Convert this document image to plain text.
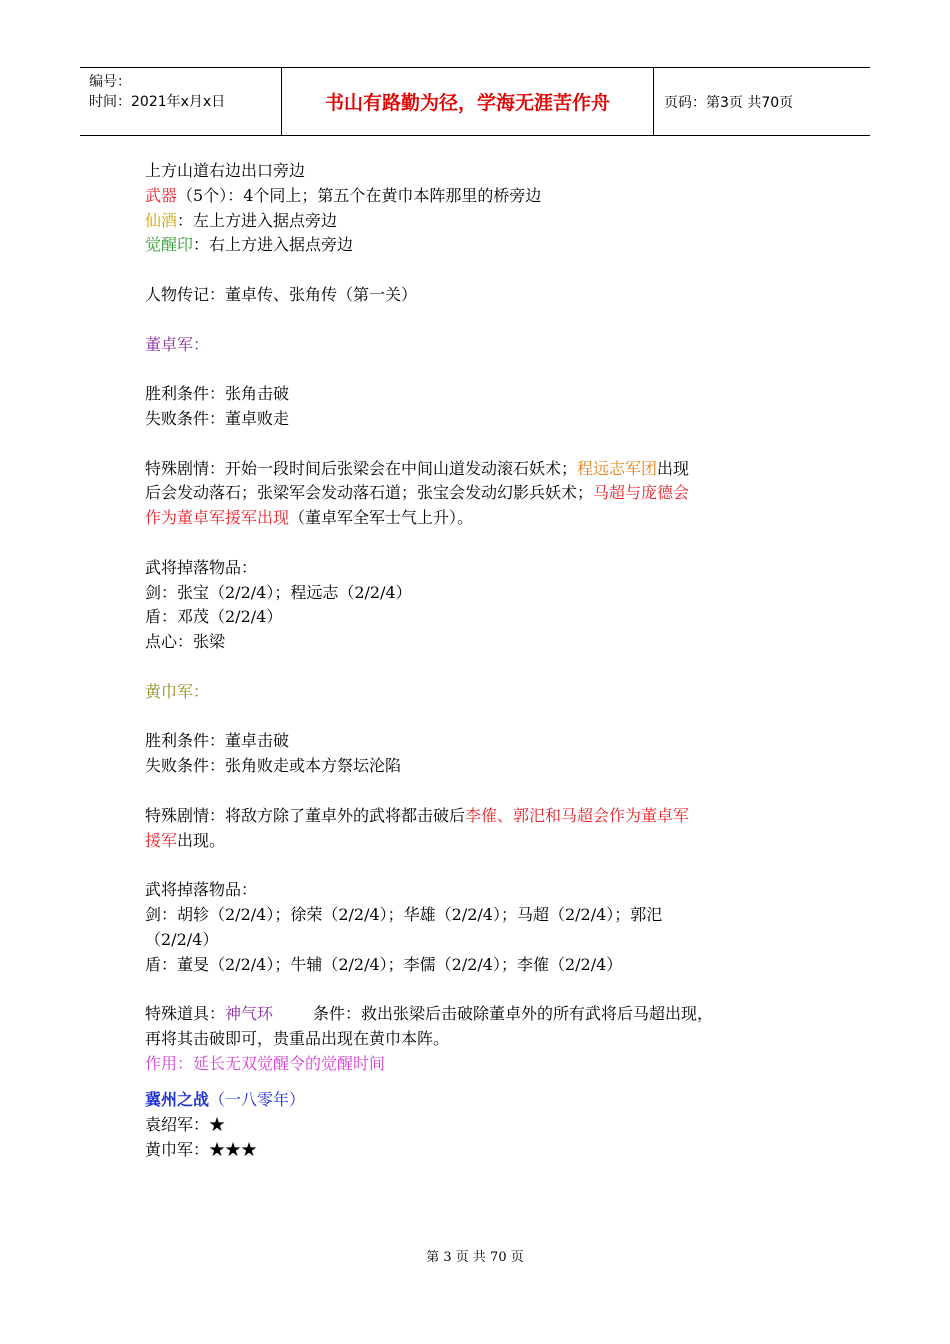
编号：
时间：2021年x月x日	书山有路勤为径，学海无涯苦作舟	页码：第3页 共70页

上方山道右边出口旁边

武器（5个）：4个同上；第五个在黄巾本阵那里的桥旁边

仙酒：左上方进入据点旁边

觉醒印：右上方进入据点旁边

人物传记：董卓传、张角传（第一关）

董卓军：

胜利条件：张角击破

失败条件：董卓败走

特殊剧情：开始一段时间后张梁会在中间山道发动滚石妖术；程远志军团出现

后会发动落石；张梁军会发动落石道；张宝会发动幻影兵妖术；马超与庞德会

作为董卓军援军出现（董卓军全军士气上升）。

武将掉落物品：

剑：张宝（2/2/4）；程远志（2/2/4）

盾：邓茂（2/2/4）

点心：张梁

黄巾军：

胜利条件：董卓击破

失败条件：张角败走或本方祭坛沦陷

特殊剧情：将敌方除了董卓外的武将都击破后李傕、郭汜和马超会作为董卓军

援军出现。

武将掉落物品：

剑：胡轸（2/2/4）；徐荣（2/2/4）；华雄（2/2/4）；马超（2/2/4）；郭汜

（2/2/4）

盾：董旻（2/2/4）；牛辅（2/2/4）；李儒（2/2/4）；李傕（2/2/4）

特殊道具：神气环	条件：救出张梁后击破除董卓外的所有武将后马超出现，

再将其击破即可，贵重品出现在黄巾本阵。

作用：延长无双觉醒令的觉醒时间

冀州之战（一八零年）

袁绍军：★

黄巾军：★★★

第 3 页 共 70 页
